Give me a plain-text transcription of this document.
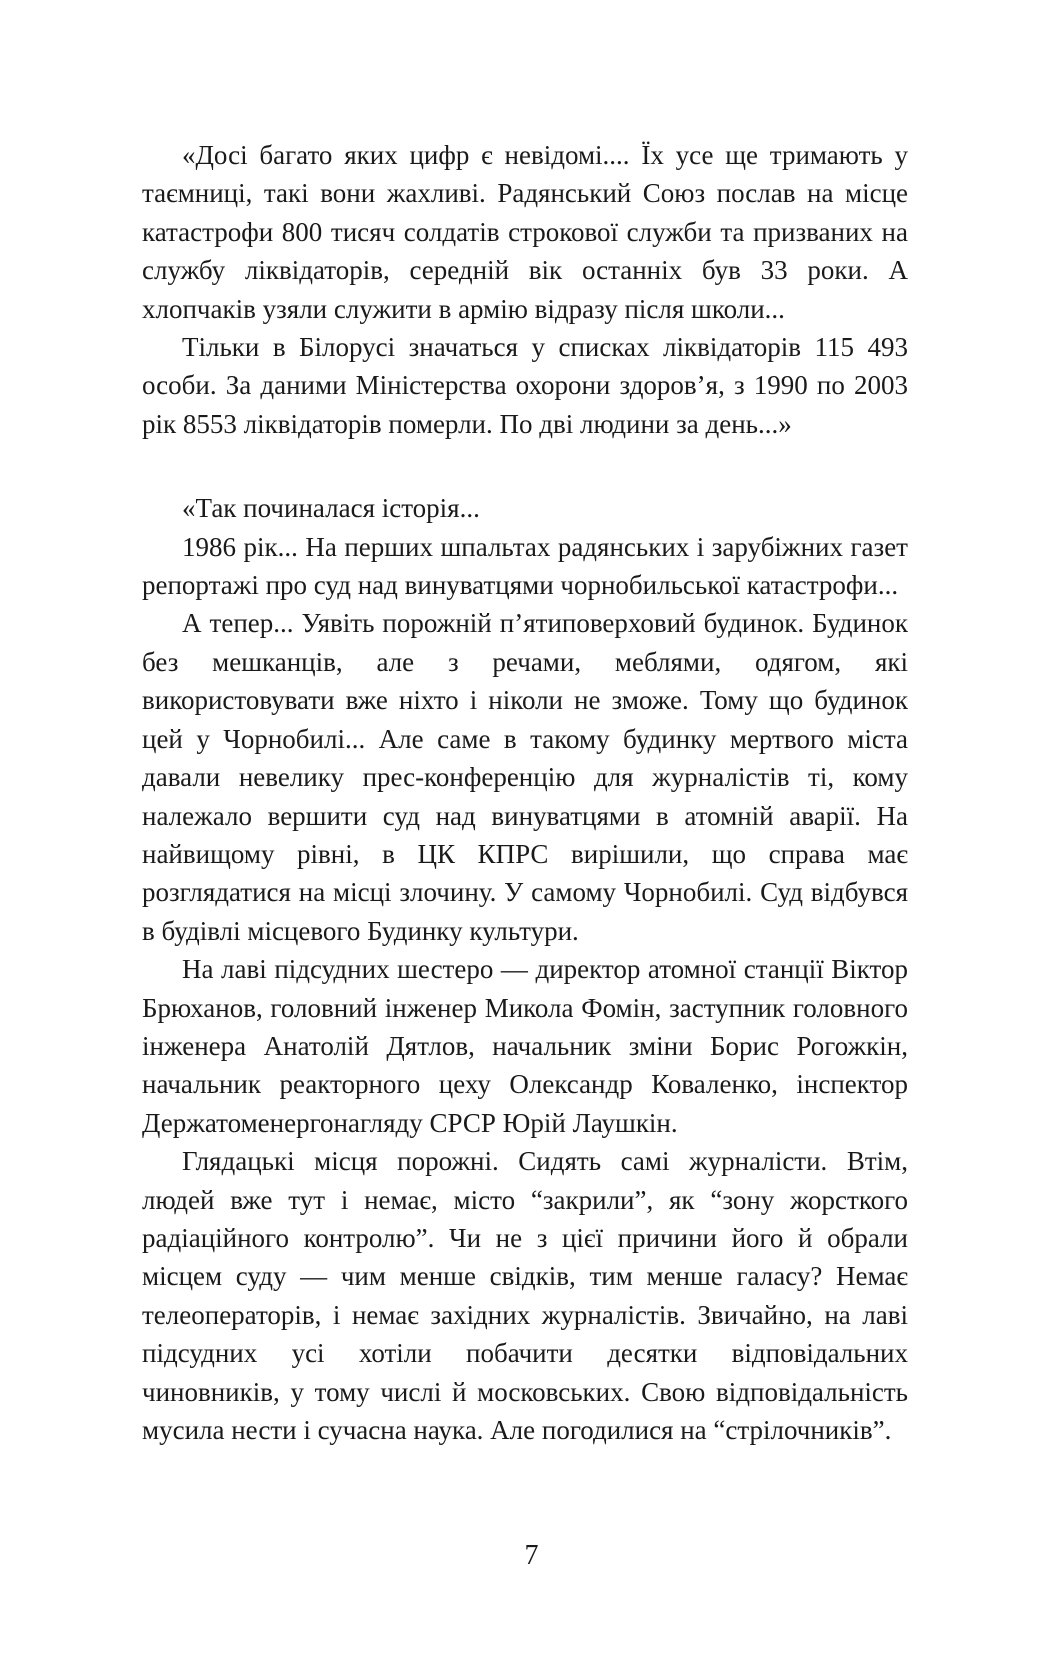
«Досі багато яких цифр є невідомі.... Їх усе ще тримають у таємниці, такі вони жахливі. Радянський Союз послав на місце катастрофи 800 тисяч солдатів строкової служби та призваних на службу ліквідаторів, середній вік останніх був 33 роки. А хлопчаків узяли служити в армію відразу після школи...

Тільки в Білорусі значаться у списках ліквідаторів 115 493 особи. За даними Міністерства охорони здоров’я, з 1990 по 2003 рік 8553 ліквідаторів померли. По дві людини за день...»

«Так починалася історія...

1986 рік... На перших шпальтах радянських і зарубіжних газет репортажі про суд над винуватцями чорнобильської катастрофи...

А тепер... Уявіть порожній п’ятиповерховий будинок. Будинок без мешканців, але з речами, меблями, одягом, які використовувати вже ніхто і ніколи не зможе. Тому що будинок цей у Чорнобилі... Але саме в такому будинку мертвого міста давали невелику прес-конференцію для журналістів ті, кому належало вершити суд над винуватцями в атомній аварії. На найвищому рівні, в ЦК КПРС вирішили, що справа має розглядатися на місці злочину. У самому Чорнобилі. Суд відбувся в будівлі місцевого Будинку культури.

На лаві підсудних шестеро — директор атомної станції Віктор Брюханов, головний інженер Микола Фомін, заступник головного інженера Анатолій Дятлов, начальник зміни Борис Рогожкін, начальник реакторного цеху Олександр Коваленко, інспектор Держатоменергонагляду СРСР Юрій Лаушкін.

Глядацькі місця порожні. Сидять самі журналісти. Втім, людей вже тут і немає, місто “закрили”, як “зону жорсткого радіаційного контролю”. Чи не з цієї причини його й обрали місцем суду — чим менше свідків, тим менше галасу? Немає телеоператорів, і немає західних журналістів. Звичайно, на лаві підсудних усі хотіли побачити десятки відповідальних чиновників, у тому числі й московських. Свою відповідальність мусила нести і сучасна наука. Але погодилися на “стрілочників”.

7
